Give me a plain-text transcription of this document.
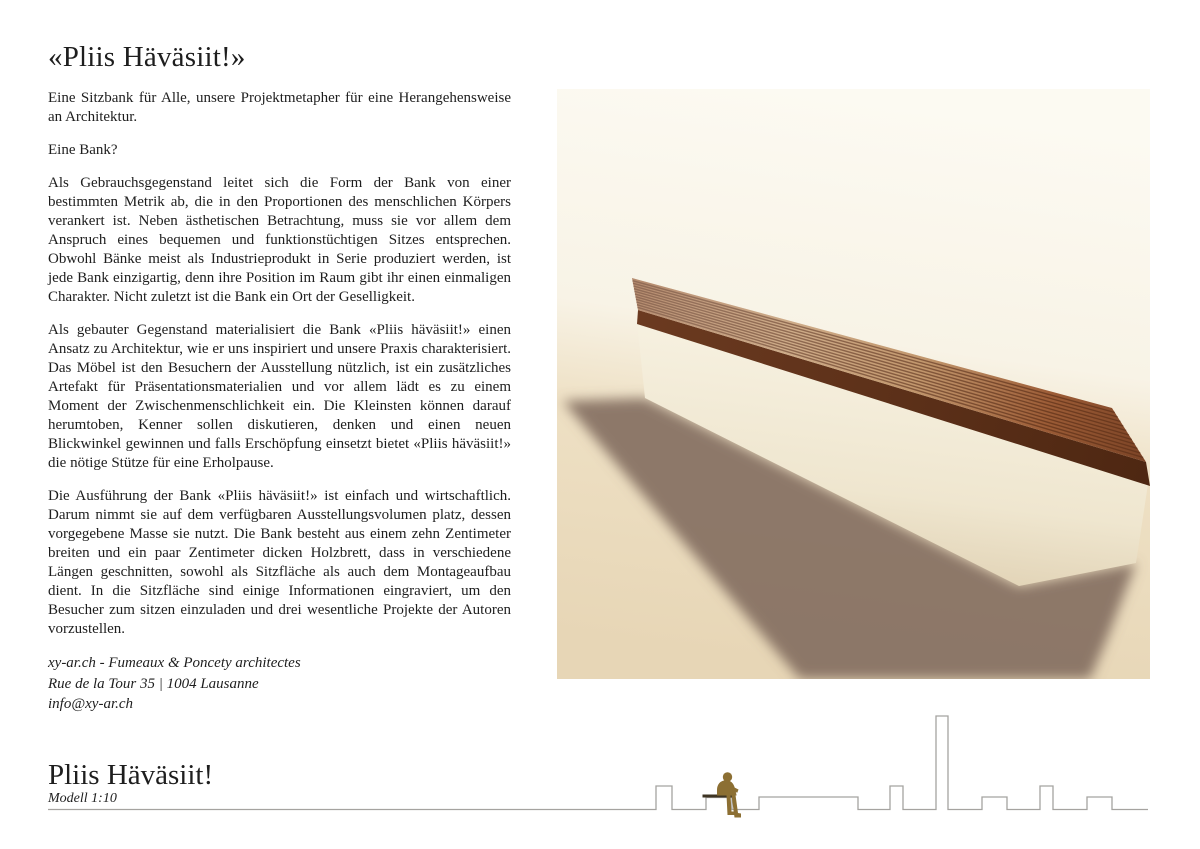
«Pliis Häväsiit!»

Eine Sitzbank für Alle, unsere Projektmetapher für eine Herangehensweise an Architektur.

Eine Bank?

Als Gebrauchsgegenstand leitet sich die Form der Bank von einer bestimmten Metrik ab, die in den Proportionen des menschlichen Körpers verankert ist. Neben ästhetischen Betrachtung, muss sie vor allem dem Anspruch eines bequemen und funktionstüchtigen Sitzes entsprechen. Obwohl Bänke meist als Industrieprodukt in Serie produziert werden, ist jede Bank einzigartig, denn ihre Position im Raum gibt ihr einen einmaligen Charakter. Nicht zuletzt ist die Bank ein Ort der Geselligkeit.

Als gebauter Gegenstand materialisiert die Bank «Pliis häväsiit!» einen Ansatz zu Architektur, wie er uns inspiriert und unsere Praxis charakterisiert. Das Möbel ist den Besuchern der Ausstellung nützlich, ist ein zusätzliches Artefakt für Präsentationsmaterialien und vor allem lädt es zu einem Moment der Zwischenmenschlichkeit ein. Die Kleinsten können darauf herumtoben, Kenner sollen diskutieren, denken und einen neuen Blickwinkel gewinnen und falls Erschöpfung einsetzt bietet «Pliis häväsiit!» die nötige Stütze für eine Erholpause.

Die Ausführung der Bank «Pliis häväsiit!» ist einfach und wirtschaftlich. Darum nimmt sie auf dem verfügbaren Ausstellungsvolumen platz, dessen vorgegebene Masse sie nutzt. Die Bank besteht aus einem zehn Zentimeter breiten und ein paar Zentimeter dicken Holzbrett, dass in verschiedene Längen geschnitten, sowohl als Sitzfläche als auch dem Montageaufbau dient. In die Sitzfläche sind einige Informationen eingraviert, um den Besucher zum sitzen einzuladen und drei wesentliche Projekte der Autoren vorzustellen.

xy-ar.ch - Fumeaux & Poncety architectes
Rue de la Tour 35 | 1004 Lausanne
info@xy-ar.ch
Pliis Häväsiit!
Modell 1:10
